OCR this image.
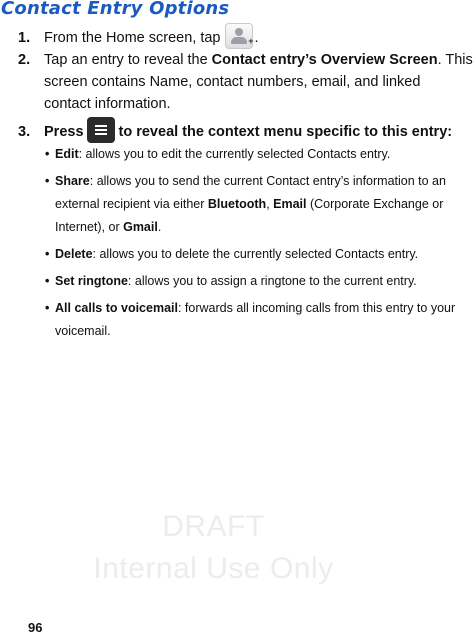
Contact Entry Options
1. From the Home screen, tap	+ .
2. Tap an entry to reveal the Contact entry’s Overview Screen. This
screen contains Name, contact numbers, email, and linked
contact information.
3. Press to reveal the context menu specific to this entry:
• Edit: allows you to edit the currently selected Contacts entry.
• Share: allows you to send the current Contact entry’s information to an
external recipient via either Bluetooth, Email (Corporate Exchange or
Internet), or Gmail.
• Delete: allows you to delete the currently selected Contacts entry.
• Set ringtone: allows you to assign a ringtone to the current entry.
• All calls to voicemail: forwards all incoming calls from this entry to your
voicemail.
DRAFT
Internal Use Only
96
